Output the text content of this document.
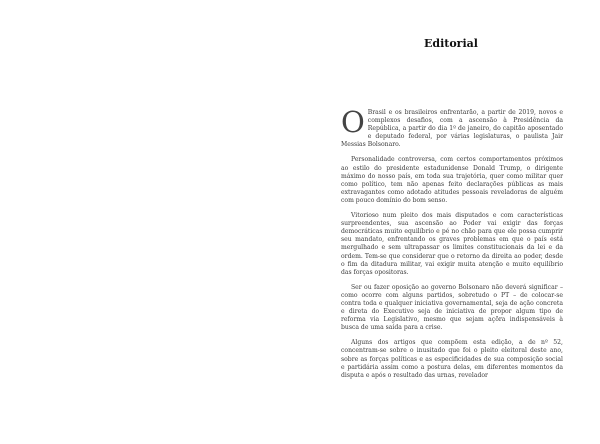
Editorial

O Brasil e os brasileiros enfrentarão, a partir de 2019, novos e complexos desafios, com a ascensão à Presidência da República, a partir do dia 1º de janeiro, do capitão aposentado e deputado federal, por várias legislaturas, o paulista Jair Messias Bolsonaro.

Personalidade controversa, com certos comportamentos próximos ao estilo do presidente estadunidense Donald Trump, o dirigente máximo do nosso país, em toda sua trajetória, quer como militar quer como político, tem não apenas feito declarações públicas as mais extravagantes como adotado atitudes pessoais reveladoras de alguém com pouco domínio do bom senso.

Vitorioso num pleito dos mais disputados e com características surpreendentes, sua ascensão ao Poder vai exigir das forças democráticas muito equilíbrio e pé no chão para que ele possa cumprir seu mandato, enfrentando os graves problemas em que o país está mergulhado e sem ultrapassar os limites constitucionais da lei e da ordem. Tem-se que considerar que o retorno da direita ao poder, desde o fim da ditadura militar, vai exigir muita atenção e muito equilíbrio das forças opositoras.

Ser ou fazer oposição ao governo Bolsonaro não deverá significar – como ocorre com alguns partidos, sobretudo o PT – de colocar-se contra toda e qualquer iniciativa governamental, seja de ação concreta e direta do Executivo seja de iniciativa de propor algum tipo de reforma via Legislativo, mesmo que sejam açõra indispensáveis à busca de uma saída para a crise.

Alguns dos artigos que compõem esta edição, a de nº 52, concentram-se sobre o inusitado que foi o pleito eleitoral deste ano, sobre as forças políticas e as especificidades de sua composição social e partidária assim como a postura delas, em diferentes momentos da disputa e após o resultado das urnas, revelador
